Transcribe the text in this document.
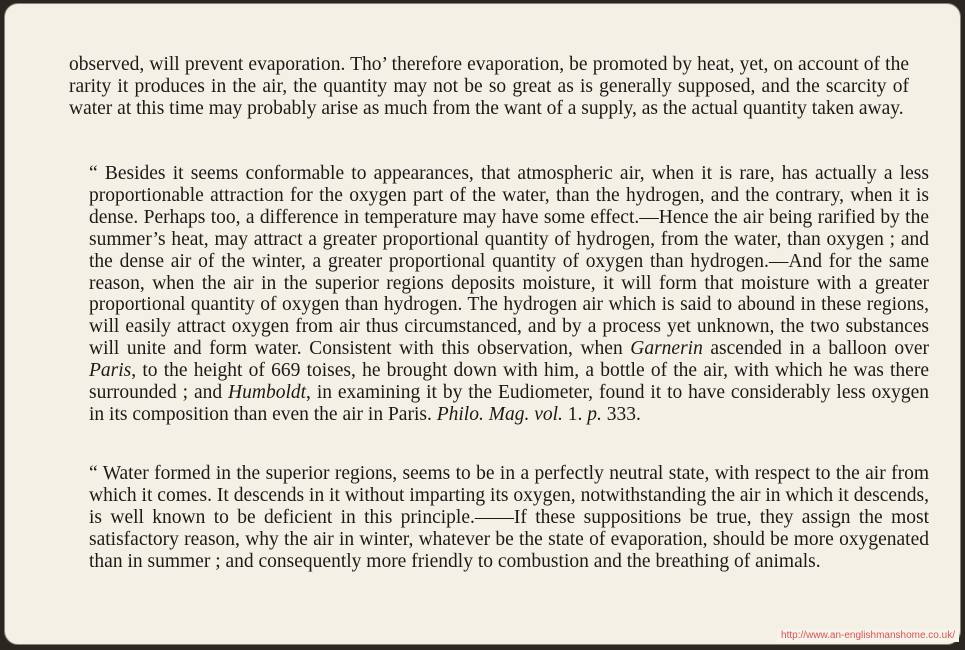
observed, will prevent evaporation. Tho’ therefore evaporation, be promoted by heat, yet, on account of the rarity it produces in the air, the quantity may not be so great as is generally supposed, and the scarcity of water at this time may probably arise as much from the want of a supply, as the actual quantity taken away.

“ Besides it seems conformable to appearances, that atmospheric air, when it is rare, has actually a less proportionable attraction for the oxygen part of the water, than the hydrogen, and the contrary, when it is dense. Perhaps too, a difference in temperature may have some effect.—Hence the air being rarified by the summer’s heat, may attract a greater proportional quantity of hydrogen, from the water, than oxygen ; and the dense air of the winter, a greater proportional quantity of oxygen than hydrogen.—And for the same reason, when the air in the superior regions deposits moisture, it will form that moisture with a greater proportional quantity of oxygen than hydrogen. The hydrogen air which is said to abound in these regions, will easily attract oxygen from air thus circumstanced, and by a process yet unknown, the two substances will unite and form water. Consistent with this observation, when Garnerin ascended in a balloon over Paris, to the height of 669 toises, he brought down with him, a bottle of the air, with which he was there surrounded ; and Humboldt, in examining it by the Eudiometer, found it to have considerably less oxygen in its composition than even the air in Paris. Philo. Mag. vol. 1. p. 333.

“ Water formed in the superior regions, seems to be in a perfectly neutral state, with respect to the air from which it comes. It descends in it without imparting its oxygen, notwithstanding the air in which it descends, is well known to be deficient in this principle.——If these suppositions be true, they assign the most satisfactory reason, why the air in winter, whatever be the state of evaporation, should be more oxygenated than in summer ; and consequently more friendly to combustion and the breathing of animals.

http://www.an-englishmanshome.co.uk/
